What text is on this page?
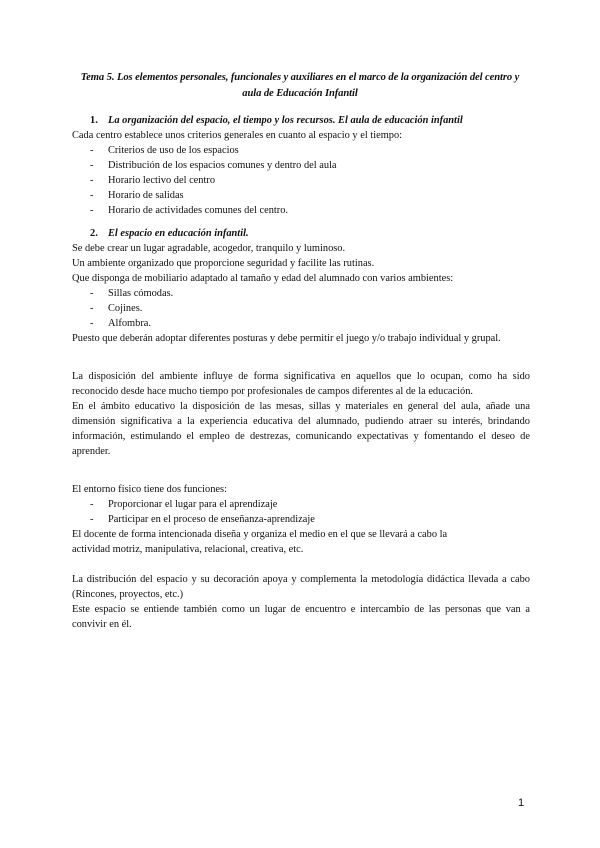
Tema 5. Los elementos personales, funcionales y auxiliares en el marco de la organización del centro y aula de Educación Infantil
1. La organización del espacio, el tiempo y los recursos. El aula de educación infantil

Cada centro establece unos criterios generales en cuanto al espacio y el tiempo:

- Criterios de uso de los espacios
- Distribución de los espacios comunes y dentro del aula
- Horario lectivo del centro
- Horario de salidas
- Horario de actividades comunes del centro.
2. El espacio en educación infantil.

Se debe crear un lugar agradable, acogedor, tranquilo y luminoso.

Un ambiente organizado que proporcione seguridad y facilite las rutinas.

Que disponga de mobiliario adaptado al tamaño y edad del alumnado con varios ambientes:

- Sillas cómodas.
- Cojines.
- Alfombra.

Puesto que deberán adoptar diferentes posturas y debe permitir el juego y/o trabajo individual y grupal.

La disposición del ambiente influye de forma significativa en aquellos que lo ocupan, como ha sido reconocido desde hace mucho tiempo por profesionales de campos diferentes al de la educación.

En el ámbito educativo la disposición de las mesas, sillas y materiales en general del aula, añade una dimensión significativa a la experiencia educativa del alumnado, pudiendo atraer su interés, brindando información, estimulando el empleo de destrezas, comunicando expectativas y fomentando el deseo de aprender.

El entorno físico tiene dos funciones:

- Proporcionar el lugar para el aprendizaje
- Participar en el proceso de enseñanza-aprendizaje

El docente de forma intencionada diseña y organiza el medio en el que se llevará a cabo la

actividad motriz, manipulativa, relacional, creativa, etc.

La distribución del espacio y su decoración apoya y complementa la metodología didáctica llevada a cabo (Rincones, proyectos, etc.)

Este espacio se entiende también como un lugar de encuentro e intercambio de las personas que van a convivir en él.

1
